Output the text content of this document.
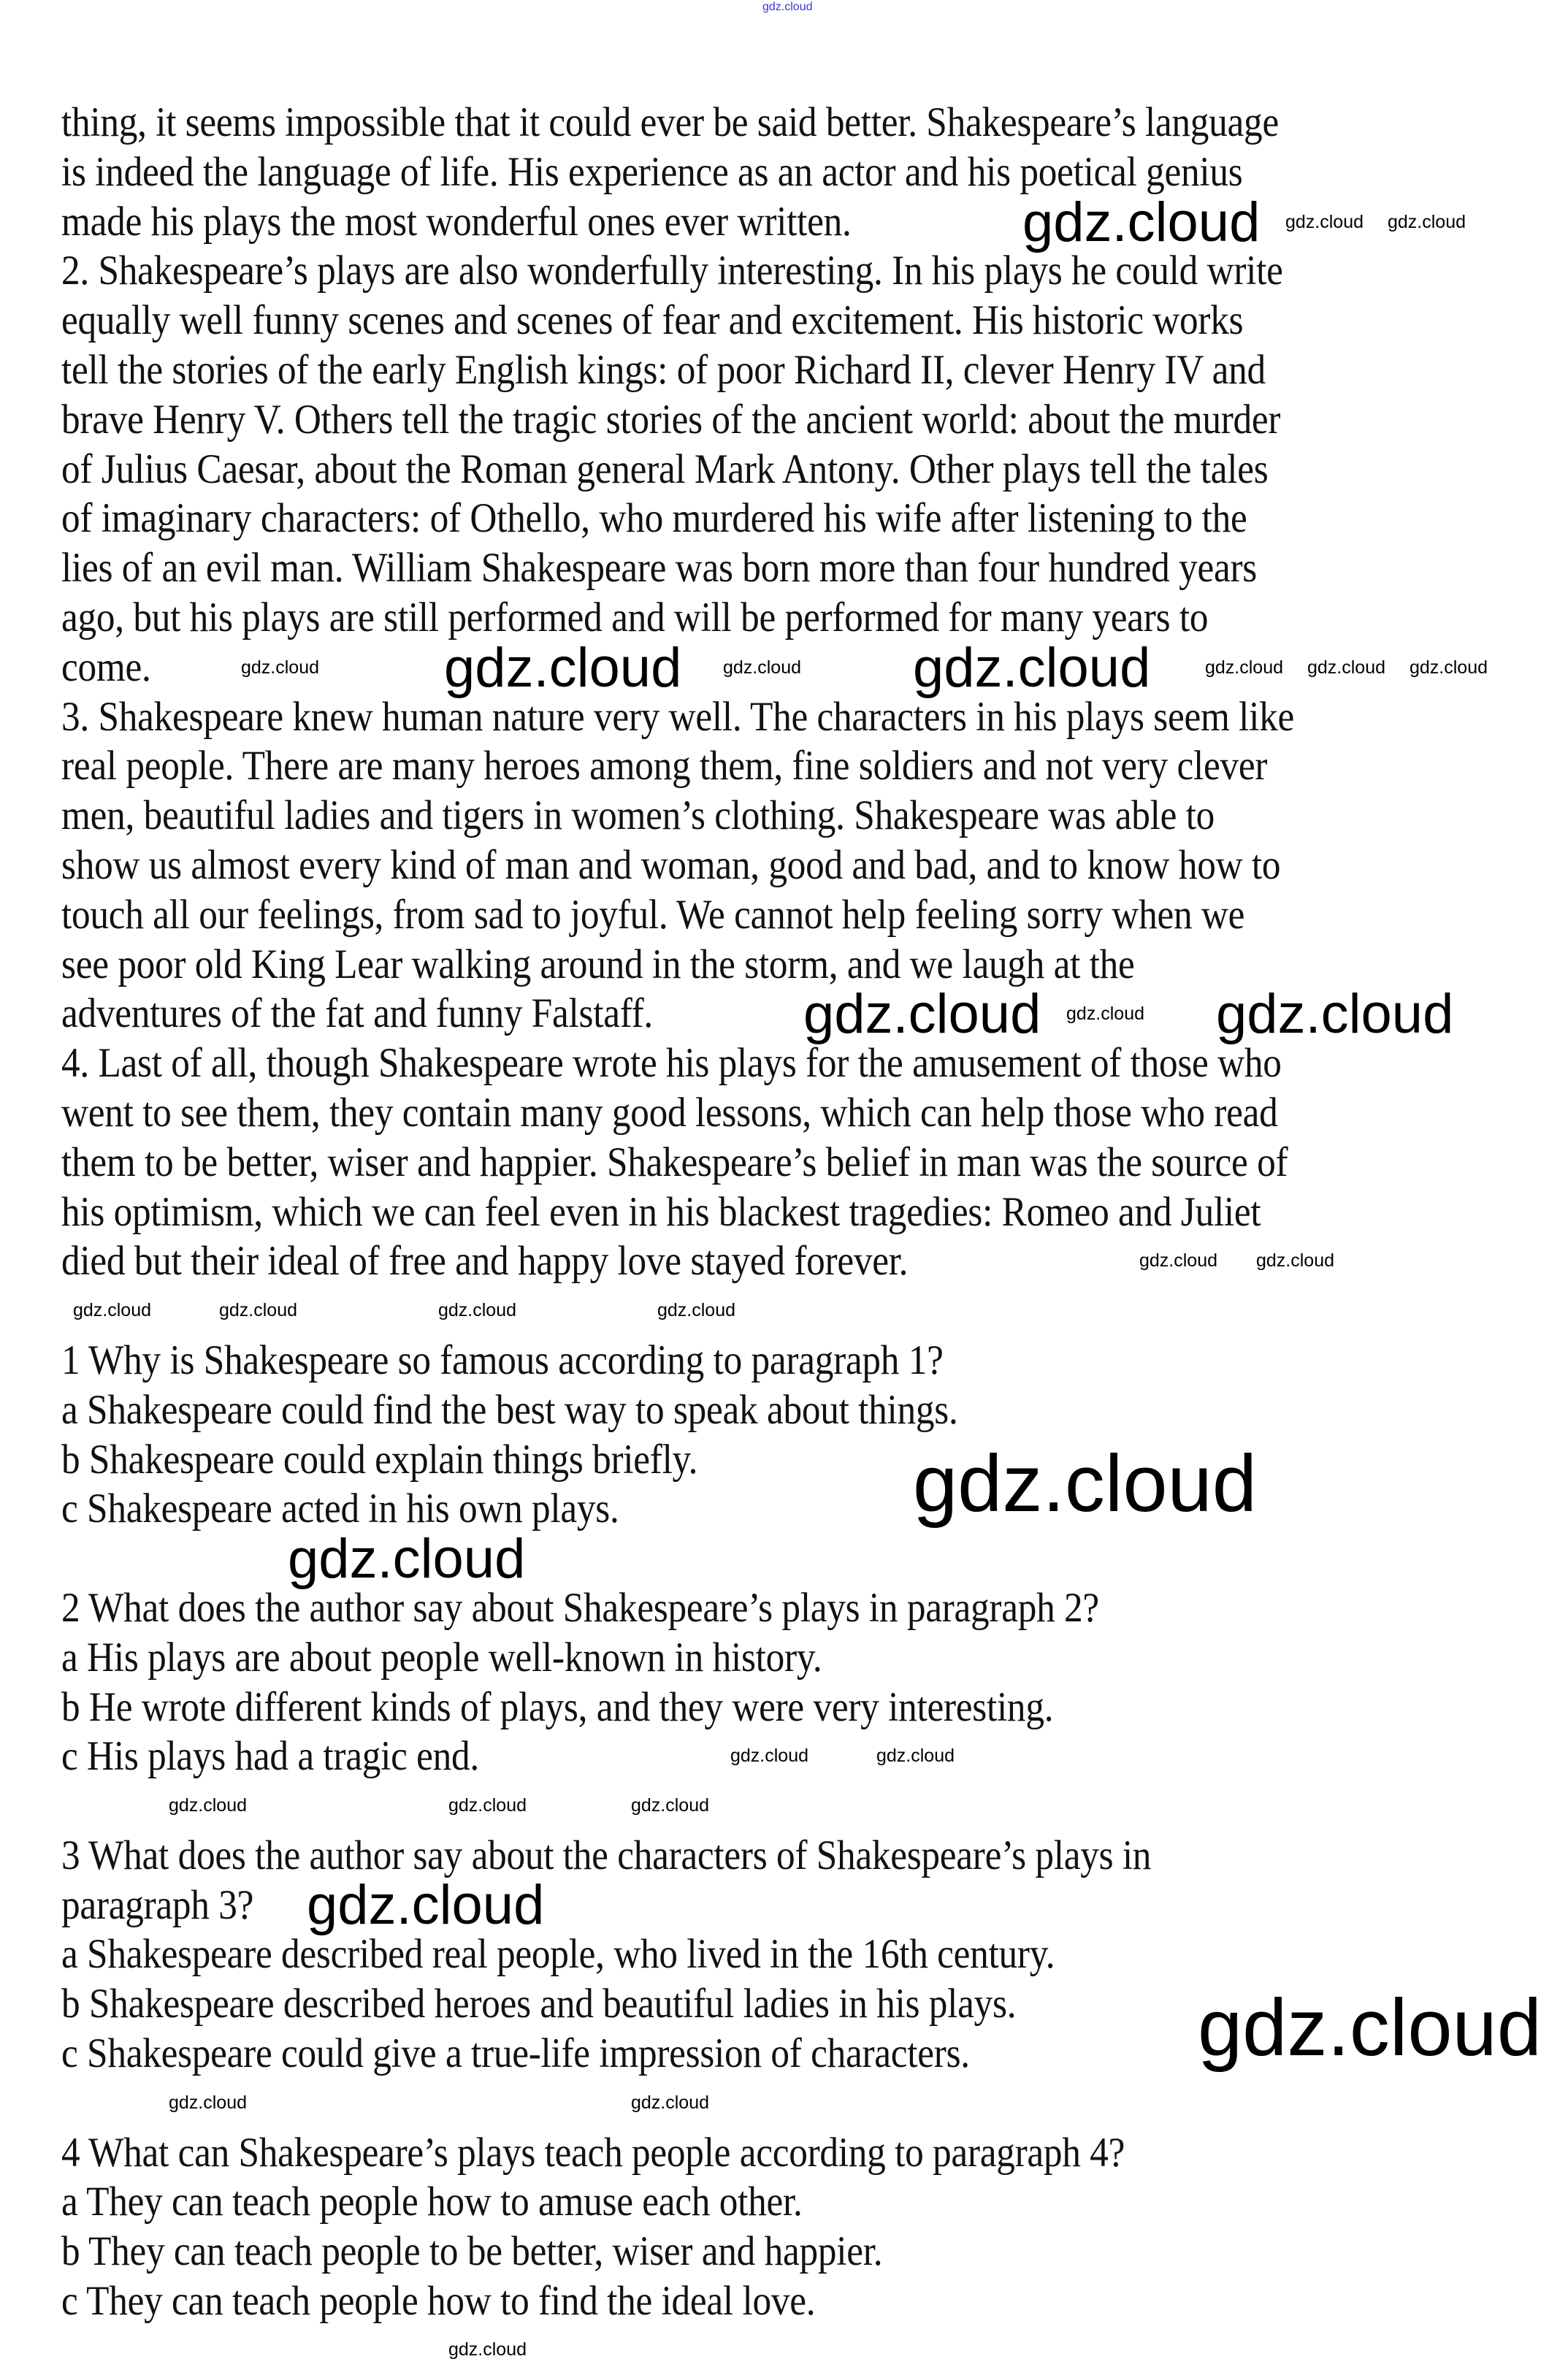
thing, it seems impossible that it could ever be said better. Shakespeare’s language
is indeed the language of life. His experience as an actor and his poetical genius
made his plays the most wonderful ones ever written.
2. Shakespeare’s plays are also wonderfully interesting. In his plays he could write
equally well funny scenes and scenes of fear and excitement. His historic works
tell the stories of the early English kings: of poor Richard II, clever Henry IV and
brave Henry V. Others tell the tragic stories of the ancient world: about the murder
of Julius Caesar, about the Roman general Mark Antony. Other plays tell the tales
of imaginary characters: of Othello, who murdered his wife after listening to the
lies of an evil man. William Shakespeare was born more than four hundred years
ago, but his plays are still performed and will be performed for many years to
come.
3. Shakespeare knew human nature very well. The characters in his plays seem like
real people. There are many heroes among them, fine soldiers and not very clever
men, beautiful ladies and tigers in women’s clothing. Shakespeare was able to
show us almost every kind of man and woman, good and bad, and to know how to
touch all our feelings, from sad to joyful. We cannot help feeling sorry when we
see poor old King Lear walking around in the storm, and we laugh at the
adventures of the fat and funny Falstaff.
4. Last of all, though Shakespeare wrote his plays for the amusement of those who
went to see them, they contain many good lessons, which can help those who read
them to be better, wiser and happier. Shakespeare’s belief in man was the source of
his optimism, which we can feel even in his blackest tragedies: Romeo and Juliet
died but their ideal of free and happy love stayed forever.
1 Why is Shakespeare so famous according to paragraph 1?
a Shakespeare could find the best way to speak about things.
b Shakespeare could explain things briefly.
c Shakespeare acted in his own plays.
2 What does the author say about Shakespeare’s plays in paragraph 2?
a His plays are about people well-known in history.
b He wrote different kinds of plays, and they were very interesting.
c His plays had a tragic end.
3 What does the author say about the characters of Shakespeare’s plays in
paragraph 3?
a Shakespeare described real people, who lived in the 16th century.
b Shakespeare described heroes and beautiful ladies in his plays.
c Shakespeare could give a true-life impression of characters.
4 What can Shakespeare’s plays teach people according to paragraph 4?
a They can teach people how to amuse each other.
b They can teach people to be better, wiser and happier.
c They can teach people how to find the ideal love.
gdz.cloud
gdz.cloud
gdz.cloud	gdz.cloud
gdz.cloud	gdz.cloud
gdz.cloud
gdz.cloud
gdz.cloud
gdz.cloud
gdz.cloud gdz.cloud
gdz.cloud	gdz.cloud	gdz.cloud gdz.cloud gdz.cloud
gdz.cloud
gdz.cloud gdz.cloud
gdz.cloud	gdz.cloud	gdz.cloud	gdz.cloud
gdz.cloud	gdz.cloud
gdz.cloud	gdz.cloud	gdz.cloud
gdz.cloud	gdz.cloud
gdz.cloud
